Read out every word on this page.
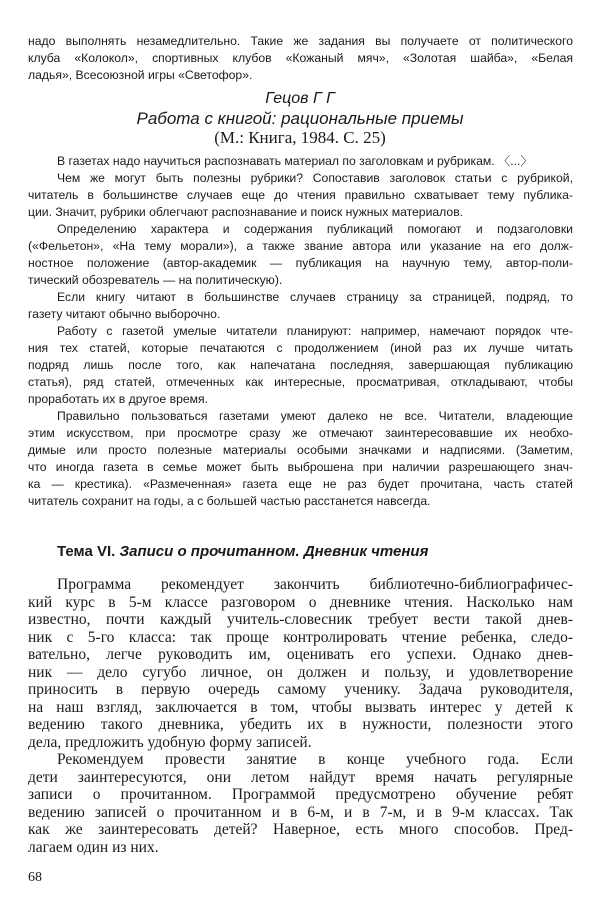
надо выполнять незамедлительно. Такие же задания вы получаете от политического
клуба «Колокол», спортивных клубов «Кожаный мяч», «Золотая шайба», «Белая
ладья», Всесоюзной игры «Светофор».
Гецов Г Г
Работа с книгой: рациональные приемы
(М.: Книга, 1984. С. 25)
В газетах надо научиться распознавать материал по заголовкам и рубрикам. 〈...〉
Чем же могут быть полезны рубрики? Сопоставив заголовок статьи с рубрикой,
читатель в большинстве случаев еще до чтения правильно схватывает тему публика-
ции. Значит, рубрики облегчают распознавание и поиск нужных материалов.
Определению характера и содержания публикаций помогают и подзаголовки
(«Фельетон», «На тему морали»), а также звание автора или указание на его долж-
ностное положение (автор-академик — публикация на научную тему, автор-поли-
тический обозреватель — на политическую).
Если книгу читают в большинстве случаев страницу за страницей, подряд, то
газету читают обычно выборочно.
Работу с газетой умелые читатели планируют: например, намечают порядок чте-
ния тех статей, которые печатаются с продолжением (иной раз их лучше читать
подряд лишь после того, как напечатана последняя, завершающая публикацию
статья), ряд статей, отмеченных как интересные, просматривая, откладывают, чтобы
проработать их в другое время.
Правильно пользоваться газетами умеют далеко не все. Читатели, владеющие
этим искусством, при просмотре сразу же отмечают заинтересовавшие их необхо-
димые или просто полезные материалы особыми значками и надписями. (Заметим,
что иногда газета в семье может быть выброшена при наличии разрешающего знач-
ка — крестика). «Размеченная» газета еще не раз будет прочитана, часть статей
читатель сохранит на годы, а с большей частью расстанется навсегда.
Тема VI. Записи о прочитанном. Дневник чтения
Программа рекомендует закончить библиотечно-библиографичес-
кий курс в 5-м классе разговором о дневнике чтения. Насколько нам
известно, почти каждый учитель-словесник требует вести такой днев-
ник с 5-го класса: так проще контролировать чтение ребенка, следо-
вательно, легче руководить им, оценивать его успехи. Однако днев-
ник — дело сугубо личное, он должен и пользу, и удовлетворение
приносить в первую очередь самому ученику. Задача руководителя,
на наш взгляд, заключается в том, чтобы вызвать интерес у детей к
ведению такого дневника, убедить их в нужности, полезности этого
дела, предложить удобную форму записей.
Рекомендуем провести занятие в конце учебного года. Если
дети заинтересуются, они летом найдут время начать регулярные
записи о прочитанном. Программой предусмотрено обучение ребят
ведению записей о прочитанном и в 6-м, и в 7-м, и в 9-м классах. Так
как же заинтересовать детей? Наверное, есть много способов. Пред-
лагаем один из них.
68
